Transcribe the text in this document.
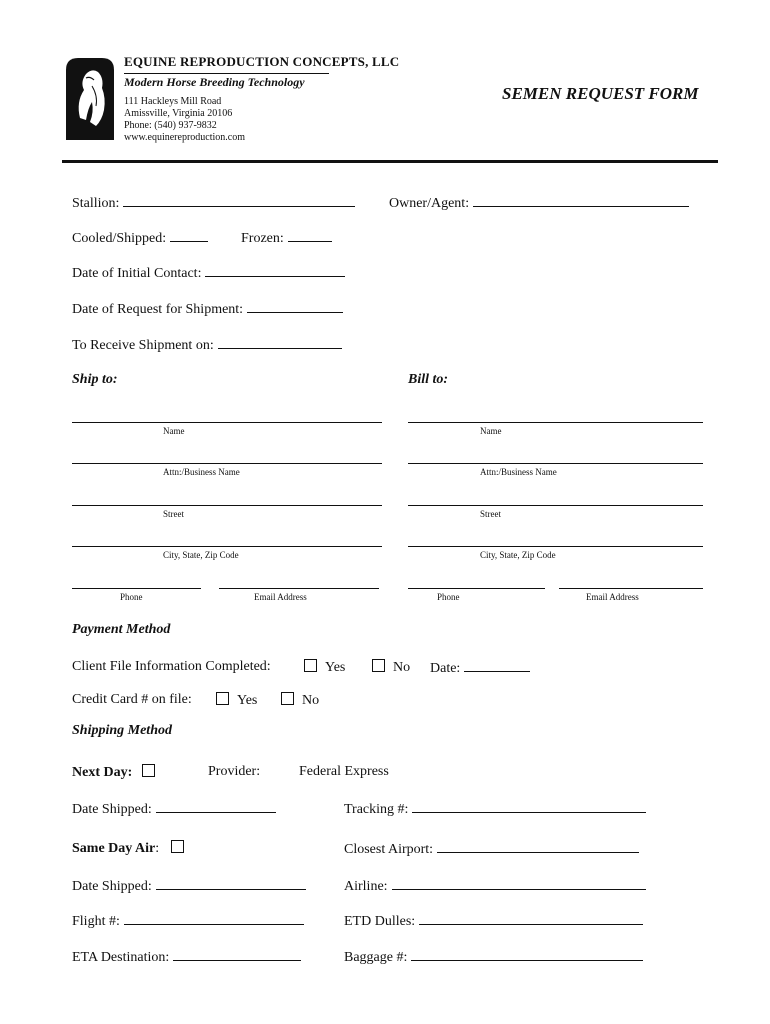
EQUINE REPRODUCTION CONCEPTS, LLC
Modern Horse Breeding Technology
111 Hackleys Mill Road
Amissville, Virginia 20106
Phone: (540) 937-9832
www.equinereproduction.com
SEMEN REQUEST FORM
Stallion:	Owner/Agent:
Cooled/Shipped:	Frozen:
Date of Initial Contact:
Date of Request for Shipment:
To Receive Shipment on:
Ship to:	Bill to:
Name
Attn:/Business Name
Street
City, State, Zip Code
Phone	Email Address
Name
Attn:/Business Name
Street
City, State, Zip Code
Phone	Email Address
Payment Method
Client File Information Completed:	Yes	No Date:
Credit Card # on file:	Yes	No
Shipping Method
Next Day:	Provider:	Federal Express
Date Shipped:	Tracking #:
Same Day Air:	Closest Airport:
Date Shipped:	Airline:
Flight #:	ETD Dulles:
ETA Destination:	Baggage #:
